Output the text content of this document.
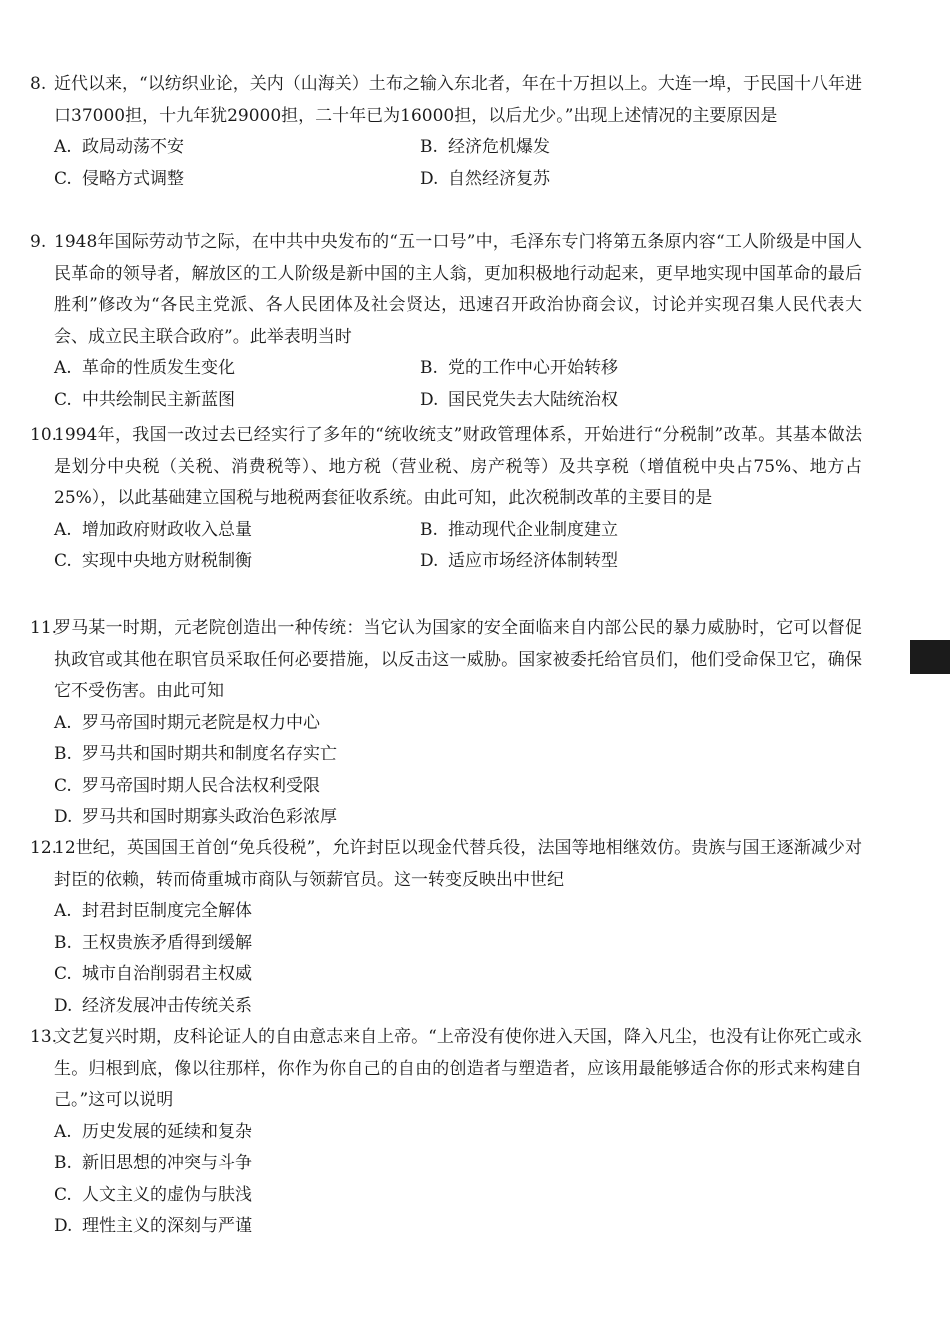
8. 近代以来，“以纺织业论，关内（山海关）土布之输入东北者，年在十万担以上。大连一埠，于民国十八年进口37000担，十九年犹29000担，二十年已为16000担，以后尤少。”出现上述情况的主要原因是
A. 政局动荡不安	B. 经济危机爆发
C. 侵略方式调整	D. 自然经济复苏
9. 1948年国际劳动节之际，在中共中央发布的“五一口号”中，毛泽东专门将第五条原内容“工人阶级是中国人民革命的领导者，解放区的工人阶级是新中国的主人翁，更加积极地行动起来，更早地实现中国革命的最后胜利”修改为“各民主党派、各人民团体及社会贤达，迅速召开政治协商会议，讨论并实现召集人民代表大会、成立民主联合政府”。此举表明当时
A. 革命的性质发生变化	B. 党的工作中心开始转移
C. 中共绘制民主新蓝图	D. 国民党失去大陆统治权
10.
1994年，我国一改过去已经实行了多年的“统收统支”财政管理体系，开始进行“分税制”改革。其基本做法是划分中央税（关税、消费税等）、地方税（营业税、房产税等）及共享税（增值税中央占75%、地方占25%），以此基础建立国税与地税两套征收系统。由此可知，此次税制改革的主要目的是
A. 增加政府财政收入总量	B. 推动现代企业制度建立
C. 实现中央地方财税制衡	D. 适应市场经济体制转型
11.
罗马某一时期，元老院创造出一种传统：当它认为国家的安全面临来自内部公民的暴力威胁时，它可以督促执政官或其他在职官员采取任何必要措施，以反击这一威胁。国家被委托给官员们，他们受命保卫它，确保它不受伤害。由此可知
A. 罗马帝国时期元老院是权力中心
B. 罗马共和国时期共和制度名存实亡
C. 罗马帝国时期人民合法权利受限
D. 罗马共和国时期寡头政治色彩浓厚
12.
12世纪，英国国王首创“免兵役税”，允许封臣以现金代替兵役，法国等地相继效仿。贵族与国王逐渐减少对封臣的依赖，转而倚重城市商队与领薪官员。这一转变反映出中世纪
A. 封君封臣制度完全解体
B. 王权贵族矛盾得到缓解
C. 城市自治削弱君主权威
D. 经济发展冲击传统关系
13.
文艺复兴时期，皮科论证人的自由意志来自上帝。“上帝没有使你进入天国，降入凡尘，也没有让你死亡或永生。归根到底，像以往那样，你作为你自己的自由的创造者与塑造者，应该用最能够适合你的形式来构建自己。”这可以说明
A. 历史发展的延续和复杂
B. 新旧思想的冲突与斗争
C. 人文主义的虚伪与肤浅
D. 理性主义的深刻与严谨
